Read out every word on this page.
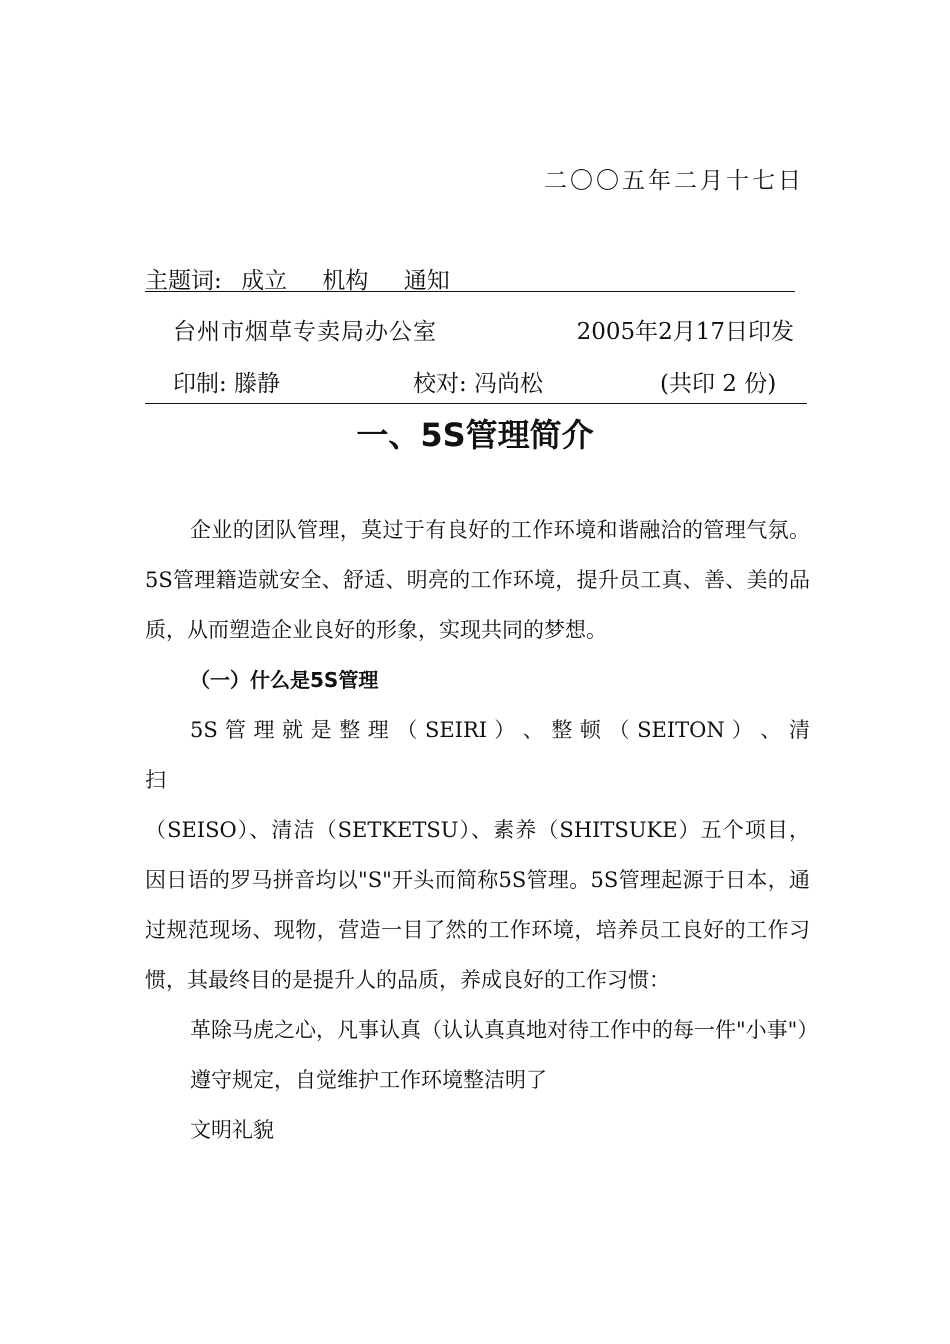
二〇〇五年二月十七日
主题词: 成立 机构 通知
台州市烟草专卖局办公室	2005年2月17日印发
印制: 滕静	校对: 冯尚松	(共印 2 份)
一、5S管理简介

企业的团队管理，莫过于有良好的工作环境和谐融洽的管理气氛。5S管理籍造就安全、舒适、明亮的工作环境，提升员工真、善、美的品质，从而塑造企业良好的形象，实现共同的梦想。

（一）什么是5S管理

5S 管 理 就 是 整 理 （ SEIRI ） 、 整 顿 （ SEITON ） 、 清 扫

（SEISO）、清洁（SETKETSU）、素养（SHITSUKE）五个项目，因日语的罗马拼音均以"S"开头而简称5S管理。5S管理起源于日本，通过规范现场、现物，营造一目了然的工作环境，培养员工良好的工作习惯，其最终目的是提升人的品质，养成良好的工作习惯：

革除马虎之心，凡事认真（认认真真地对待工作中的每一件"小事"）

遵守规定，自觉维护工作环境整洁明了

文明礼貌
